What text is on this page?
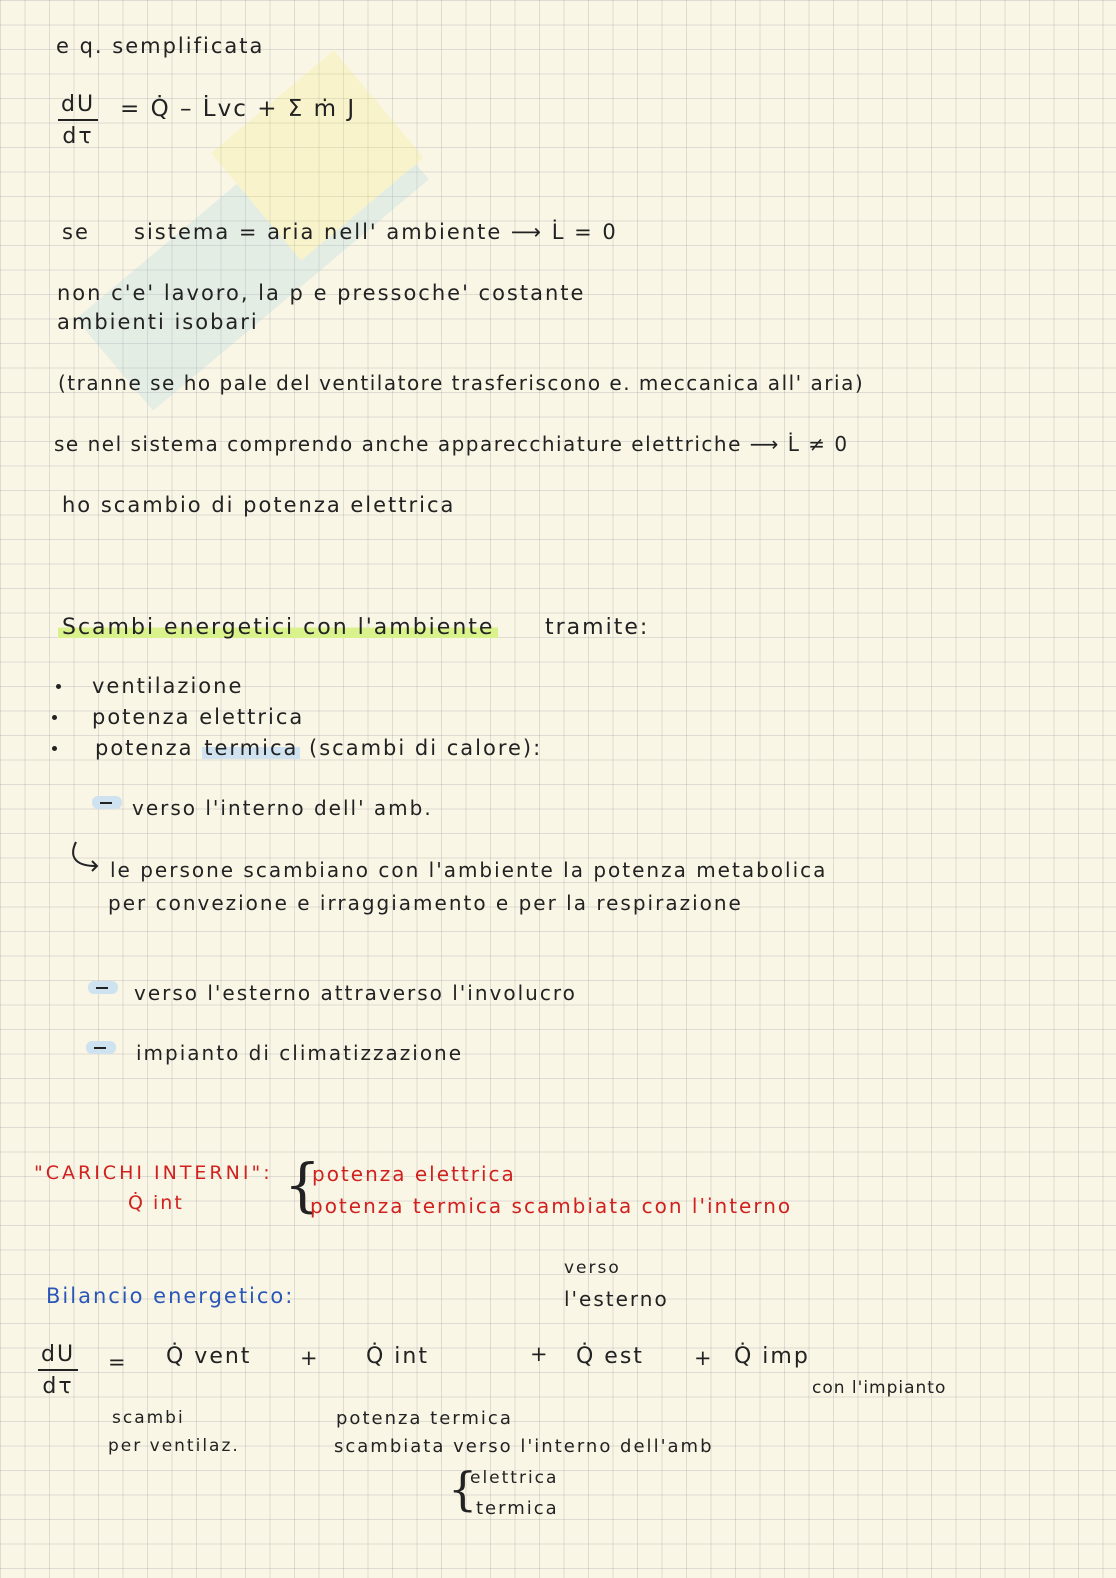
e q. semplificata
$\frac{dU}{d\tau}$ = Q̇ – L̇vc + Σ ṁ J
se sistema = aria nell' ambiente ⟶ L̇ = 0
non c'e' lavoro, la p e pressoche' costante
ambienti isobari
(tranne se ho pale del ventilatore trasferiscono e. meccanica all' aria)
se nel sistema comprendo anche apparecchiature elettriche ⟶ L̇ ≠ 0
ho scambio di potenza elettrica
Scambi energetici con l'ambiente tramite:
ventilazione
potenza elettrica
potenza termica (scambi di calore):
verso l'interno dell' amb.
le persone scambiano con l'ambiente la potenza metabolica
per convezione e irraggiamento e per la respirazione
verso l'esterno attraverso l'involucro
impianto di climatizzazione
"CARICHI INTERNI":
Q̇ int {
potenza elettrica
potenza termica scambiata con l'interno
verso
l'esterno
Bilancio energetico:
$\frac{dU}{d\tau}$ = Q̇ vent + Q̇ int	+ Q̇ est + Q̇ imp
con l'impianto
scambi
per ventilaz.
potenza termica
scambiata verso l'interno dell'amb
{
elettrica
termica
